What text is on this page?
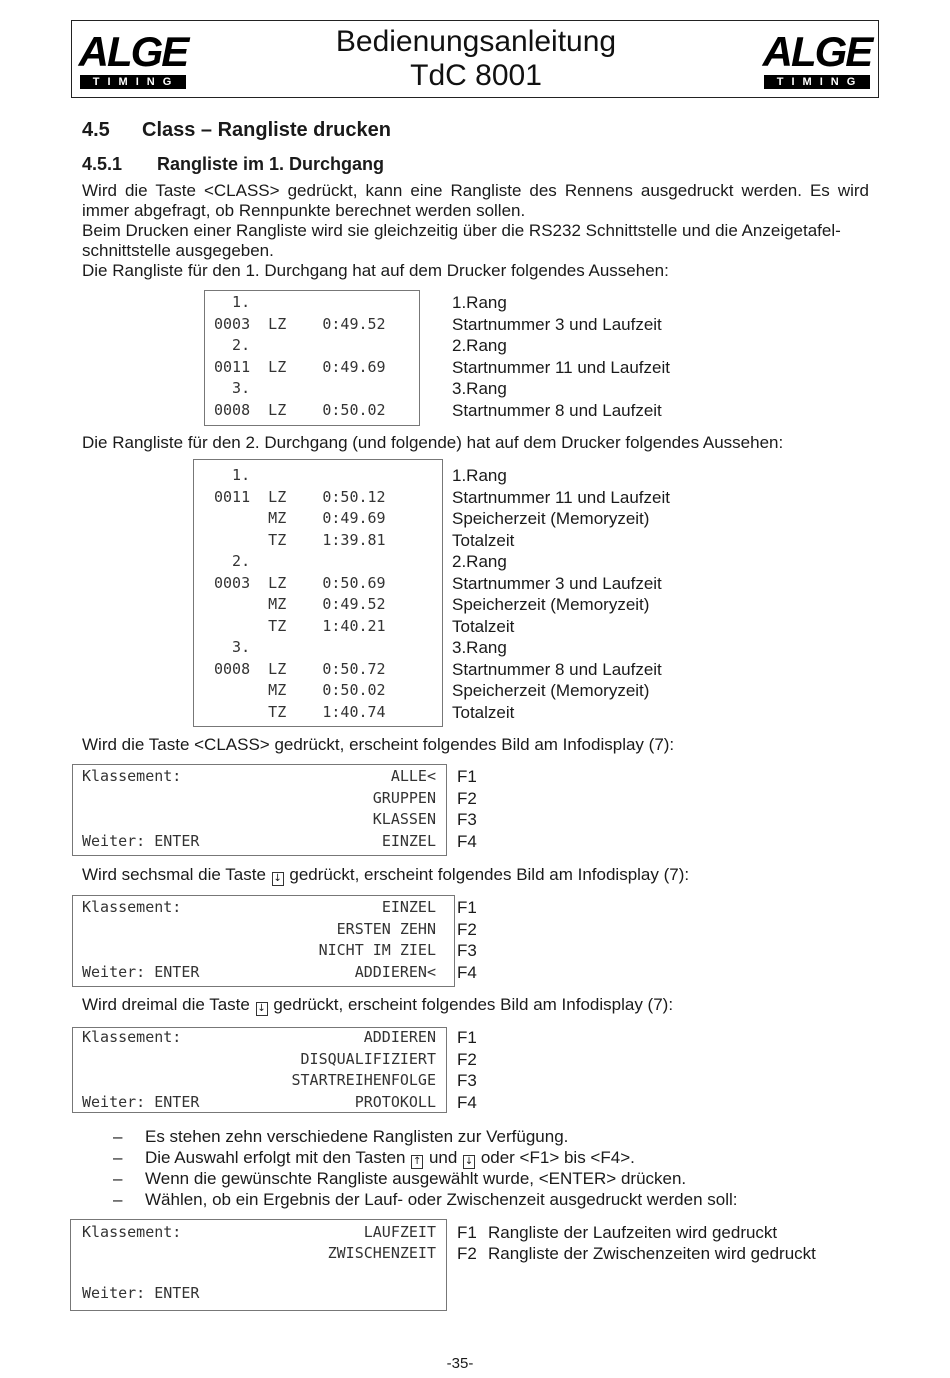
ALGE
TIMING
Bedienungsanleitung
TdC 8001
ALGE
TIMING
4.5 Class – Rangliste drucken
4.5.1 Rangliste im 1. Durchgang
Wird die Taste <CLASS> gedrückt, kann eine Rangliste des Rennens ausgedruckt werden. Es wird
immer abgefragt, ob Rennpunkte berechnet werden sollen.
Beim Drucken einer Rangliste wird sie gleichzeitig über die RS232 Schnittstelle und die Anzeigetafel-
schnittstelle ausgegeben.
Die Rangliste für den 1. Durchgang hat auf dem Drucker folgendes Aussehen:
1.	1.Rang
0003  LZ    0:49.52	Startnummer 3 und Laufzeit
2.	2.Rang
0011  LZ    0:49.69	Startnummer 11 und Laufzeit
3.	3.Rang
0008  LZ    0:50.02	Startnummer 8 und Laufzeit
Die Rangliste für den 2. Durchgang (und folgende) hat auf dem Drucker folgendes Aussehen:
1.	1.Rang
0011  LZ    0:50.12	Startnummer 11 und Laufzeit
MZ    0:49.69	Speicherzeit (Memoryzeit)
TZ    1:39.81	Totalzeit
2.	2.Rang
0003  LZ    0:50.69	Startnummer 3 und Laufzeit
MZ    0:49.52	Speicherzeit (Memoryzeit)
TZ    1:40.21	Totalzeit
3.	3.Rang
0008  LZ    0:50.72	Startnummer 8 und Laufzeit
MZ    0:50.02	Speicherzeit (Memoryzeit)
TZ    1:40.74	Totalzeit
Wird die Taste <CLASS> gedrückt, erscheint folgendes Bild am Infodisplay (7):
Klassement:	ALLE< F1
GRUPPEN F2
KLASSEN F3
Weiter: ENTER	EINZEL F4
Wird sechsmal die Taste ↓ gedrückt, erscheint folgendes Bild am Infodisplay (7):
Klassement:	EINZEL F1
ERSTEN ZEHN F2
NICHT IM ZIEL F3
Weiter: ENTER	ADDIEREN< F4
Wird dreimal die Taste ↓ gedrückt, erscheint folgendes Bild am Infodisplay (7):
Klassement:	ADDIEREN F1
DISQUALIFIZIERT F2
STARTREIHENFOLGE F3
Weiter: ENTER	PROTOKOLL F4
– Es stehen zehn verschiedene Ranglisten zur Verfügung.
– Die Auswahl erfolgt mit den Tasten ↑ und ↓ oder <F1> bis <F4>.
– Wenn die gewünschte Rangliste ausgewählt wurde, <ENTER> drücken.
– Wählen, ob ein Ergebnis der Lauf- oder Zwischenzeit ausgedruckt werden soll:
Klassement:	LAUFZEIT F1 Rangliste der Laufzeiten wird gedruckt
ZWISCHENZEIT F2 Rangliste der Zwischenzeiten wird gedruckt
Weiter: ENTER
-35-
